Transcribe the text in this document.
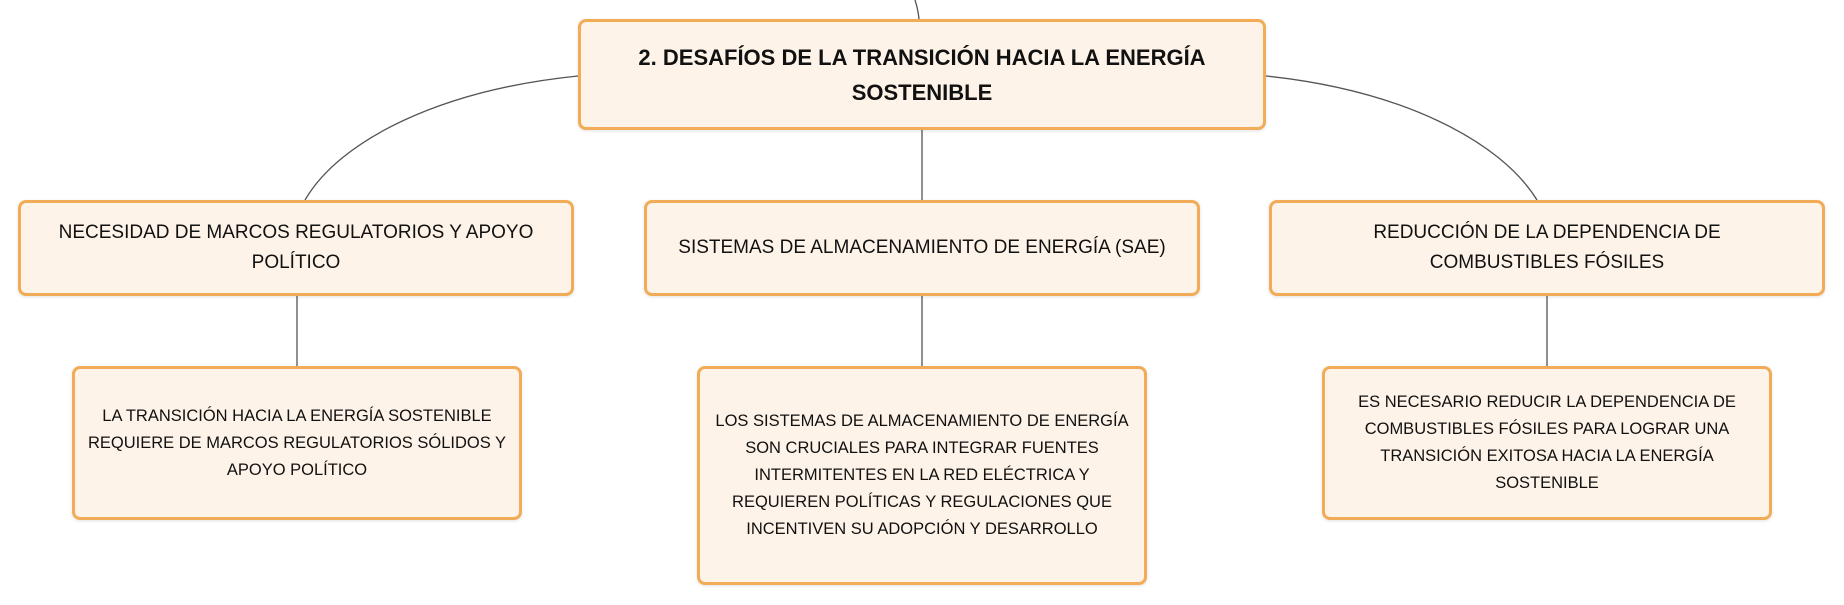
2. DESAFÍOS DE LA TRANSICIÓN HACIA LA ENERGÍA SOSTENIBLE
NECESIDAD DE MARCOS REGULATORIOS Y APOYO POLÍTICO
SISTEMAS DE ALMACENAMIENTO DE ENERGÍA (SAE)
REDUCCIÓN DE LA DEPENDENCIA DE COMBUSTIBLES FÓSILES
LA TRANSICIÓN HACIA LA ENERGÍA SOSTENIBLE REQUIERE DE MARCOS REGULATORIOS SÓLIDOS Y APOYO POLÍTICO
LOS SISTEMAS DE ALMACENAMIENTO DE ENERGÍA SON CRUCIALES PARA INTEGRAR FUENTES INTERMITENTES EN LA RED ELÉCTRICA Y REQUIEREN POLÍTICAS Y REGULACIONES QUE INCENTIVEN SU ADOPCIÓN Y DESARROLLO
ES NECESARIO REDUCIR LA DEPENDENCIA DE COMBUSTIBLES FÓSILES PARA LOGRAR UNA TRANSICIÓN EXITOSA HACIA LA ENERGÍA SOSTENIBLE
